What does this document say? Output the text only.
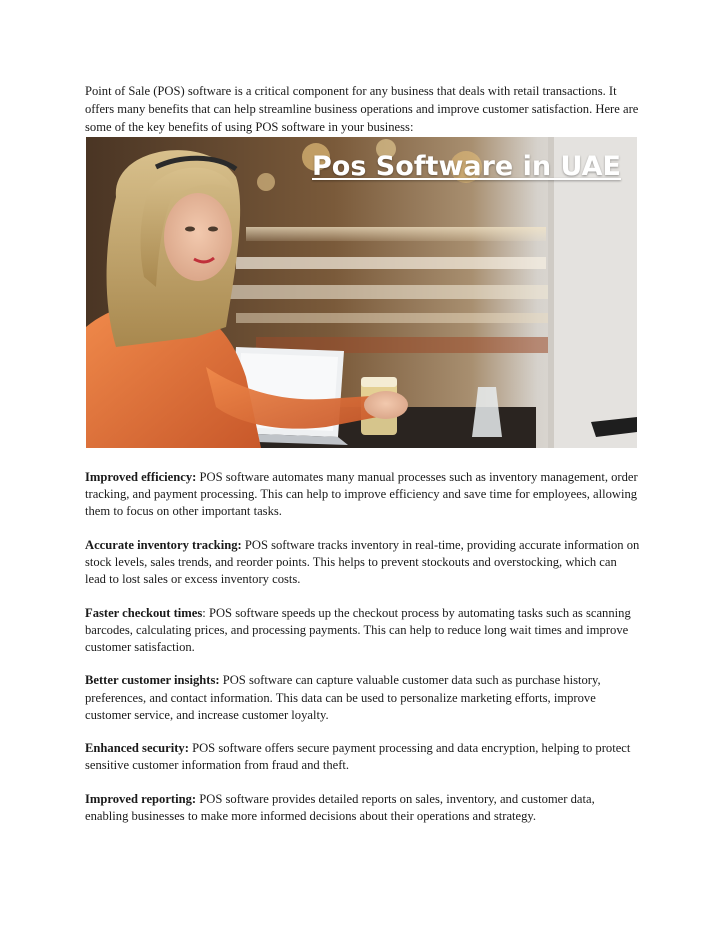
Point of Sale (POS) software is a critical component for any business that deals with retail transactions. It offers many benefits that can help streamline business operations and improve customer satisfaction. Here are some of the key benefits of using POS software in your business:

Pos Software in UAE

Improved efficiency: POS software automates many manual processes such as inventory management, order tracking, and payment processing. This can help to improve efficiency and save time for employees, allowing them to focus on other important tasks.

Accurate inventory tracking: POS software tracks inventory in real-time, providing accurate information on stock levels, sales trends, and reorder points. This helps to prevent stockouts and overstocking, which can lead to lost sales or excess inventory costs.

Faster checkout times: POS software speeds up the checkout process by automating tasks such as scanning barcodes, calculating prices, and processing payments. This can help to reduce long wait times and improve customer satisfaction.

Better customer insights: POS software can capture valuable customer data such as purchase history, preferences, and contact information. This data can be used to personalize marketing efforts, improve customer service, and increase customer loyalty.

Enhanced security: POS software offers secure payment processing and data encryption, helping to protect sensitive customer information from fraud and theft.

Improved reporting: POS software provides detailed reports on sales, inventory, and customer data, enabling businesses to make more informed decisions about their operations and strategy.
